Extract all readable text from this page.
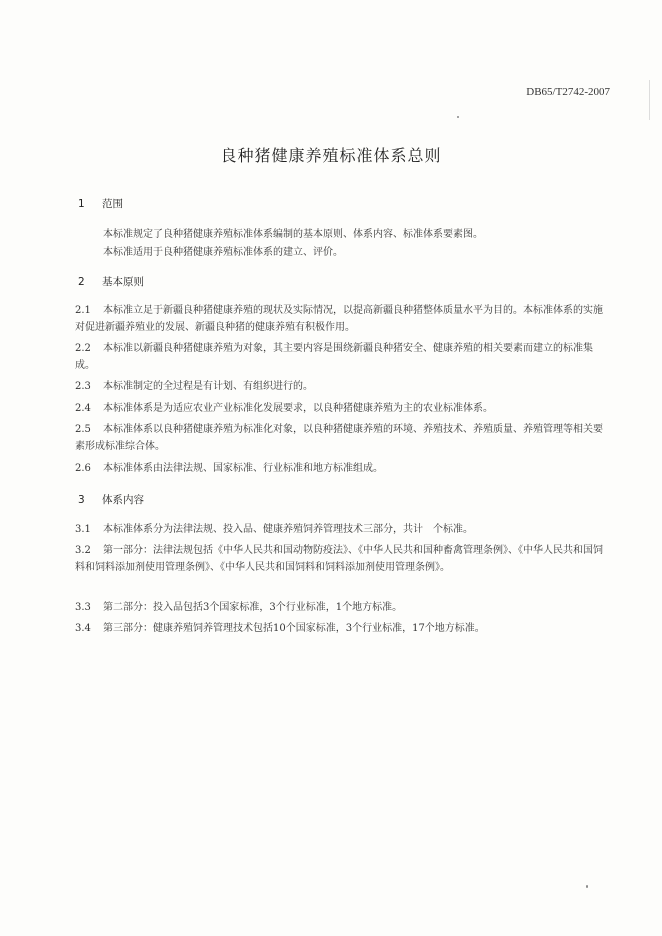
DB65/T2742-2007
良种猪健康养殖标准体系总则
1 范围
本标准规定了良种猪健康养殖标准体系编制的基本原则、体系内容、标准体系要素图。
本标准适用于良种猪健康养殖标准体系的建立、评价。
2 基本原则
2.1 本标准立足于新疆良种猪健康养殖的现状及实际情况，以提高新疆良种猪整体质量水平为目的。本标准体系的实施对促进新疆养殖业的发展、新疆良种猪的健康养殖有积极作用。
2.2 本标准以新疆良种猪健康养殖为对象，其主要内容是围绕新疆良种猪安全、健康养殖的相关要素而建立的标准集成。
2.3 本标准制定的全过程是有计划、有组织进行的。
2.4 本标准体系是为适应农业产业标准化发展要求，以良种猪健康养殖为主的农业标准体系。
2.5 本标准体系以良种猪健康养殖为标准化对象，以良种猪健康养殖的环境、养殖技术、养殖质量、养殖管理等相关要素形成标准综合体。
2.6 本标准体系由法律法规、国家标准、行业标准和地方标准组成。
3 体系内容
3.1 本标准体系分为法律法规、投入品、健康养殖饲养管理技术三部分，共计　个标准。
3.2 第一部分：法律法规包括《中华人民共和国动物防疫法》、《中华人民共和国种畜禽管理条例》、《中华人民共和国饲料和饲料添加剂使用管理条例》、《中华人民共和国饲料和饲料添加剂使用管理条例》。
3.3 第二部分：投入品包括3个国家标准，3个行业标准，1个地方标准。
3.4 第三部分：健康养殖饲养管理技术包括10个国家标准，3个行业标准，17个地方标准。
